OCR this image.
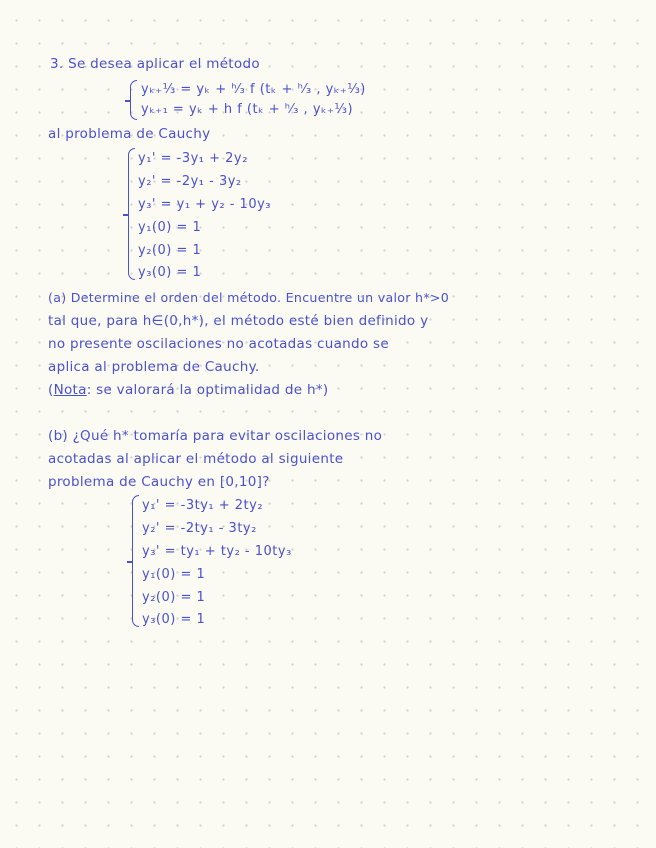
3. Se desea aplicar el método
yₖ₊⅓ = yₖ + ʰ⁄₃ f (tₖ + ʰ⁄₃ , yₖ₊⅓)
yₖ₊₁ = yₖ + h f (tₖ + ʰ⁄₃ , yₖ₊⅓)
al problema de Cauchy
y₁' = -3y₁ + 2y₂
y₂' = -2y₁ - 3y₂
y₃' = y₁ + y₂ - 10y₃
y₁(0) = 1
y₂(0) = 1
y₃(0) = 1
(a) Determine el orden del método. Encuentre un valor h*>0
tal que, para h∈(0,h*), el método esté bien definido y
no presente oscilaciones no acotadas cuando se
aplica al problema de Cauchy.
(Nota: se valorará la optimalidad de h*)
(b) ¿Qué h* tomaría para evitar oscilaciones no
acotadas al aplicar el método al siguiente
problema de Cauchy en [0,10]?
y₁' = -3ty₁ + 2ty₂
y₂' = -2ty₁ - 3ty₂
y₃' = ty₁ + ty₂ - 10ty₃
y₁(0) = 1
y₂(0) = 1
y₃(0) = 1
